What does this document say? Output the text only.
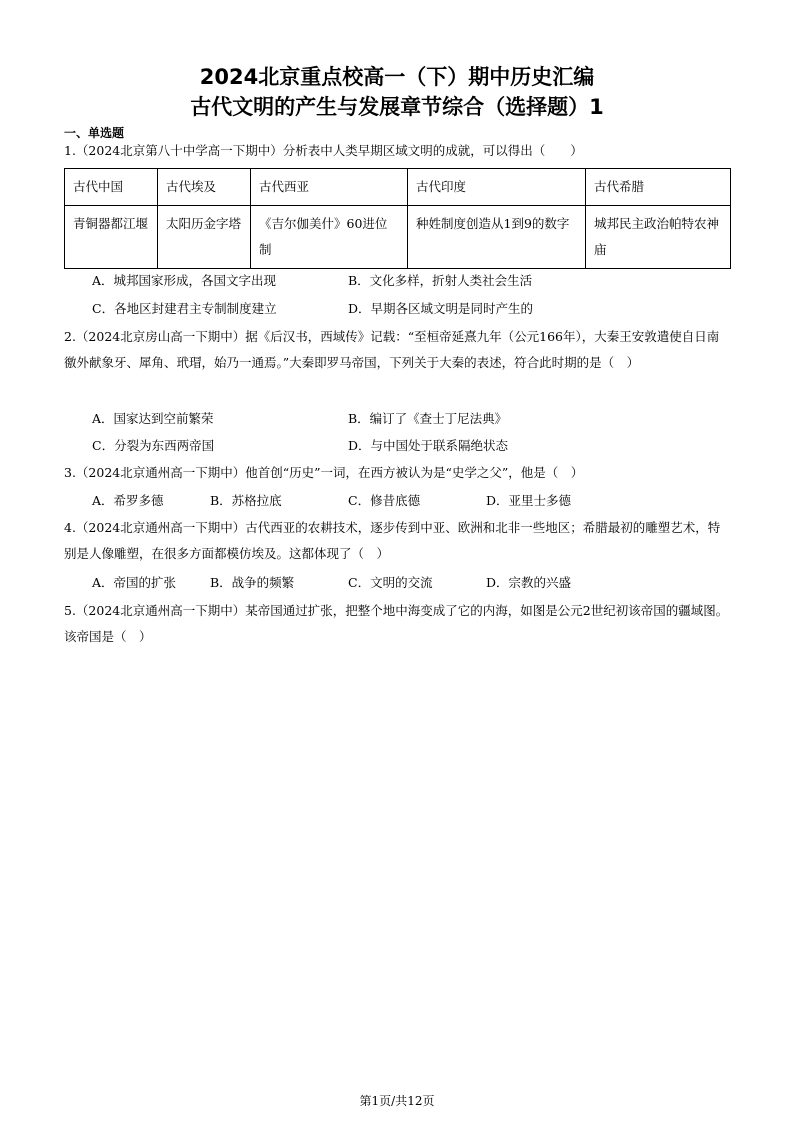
2024北京重点校高一（下）期中历史汇编
古代文明的产生与发展章节综合（选择题）1
一、单选题
1.（2024北京第八十中学高一下期中）分析表中人类早期区域文明的成就，可以得出（　　）
古代中国	古代埃及	古代西亚	古代印度	古代希腊
青铜器都江堰	太阳历金字塔	《吉尔伽美什》60进位制	种姓制度创造从1到9的数字	城邦民主政治帕特农神庙
A．城邦国家形成，各国文字出现	B．文化多样，折射人类社会生活
C．各地区封建君主专制制度建立	D．早期各区域文明是同时产生的
2.（2024北京房山高一下期中）据《后汉书，西域传》记载：“至桓帝延熹九年（公元166年），大秦王安敦遣使自日南徼外献象牙、犀角、玳瑁，始乃一通焉。”大秦即罗马帝国，下列关于大秦的表述，符合此时期的是（　）
A．国家达到空前繁荣	B．编订了《查士丁尼法典》
C．分裂为东西两帝国	D．与中国处于联系隔绝状态
3.（2024北京通州高一下期中）他首创“历史”一词，在西方被认为是“史学之父”，他是（　）
A．希罗多德	B．苏格拉底	C．修昔底德	D．亚里士多德
4.（2024北京通州高一下期中）古代西亚的农耕技术，逐步传到中亚、欧洲和北非一些地区；希腊最初的雕塑艺术，特别是人像雕塑，在很多方面都模仿埃及。这都体现了（　）
A．帝国的扩张	B．战争的频繁	C．文明的交流	D．宗教的兴盛
5.（2024北京通州高一下期中）某帝国通过扩张，把整个地中海变成了它的内海，如图是公元2世纪初该帝国的疆域图。该帝国是（　）
第1页/共12页
